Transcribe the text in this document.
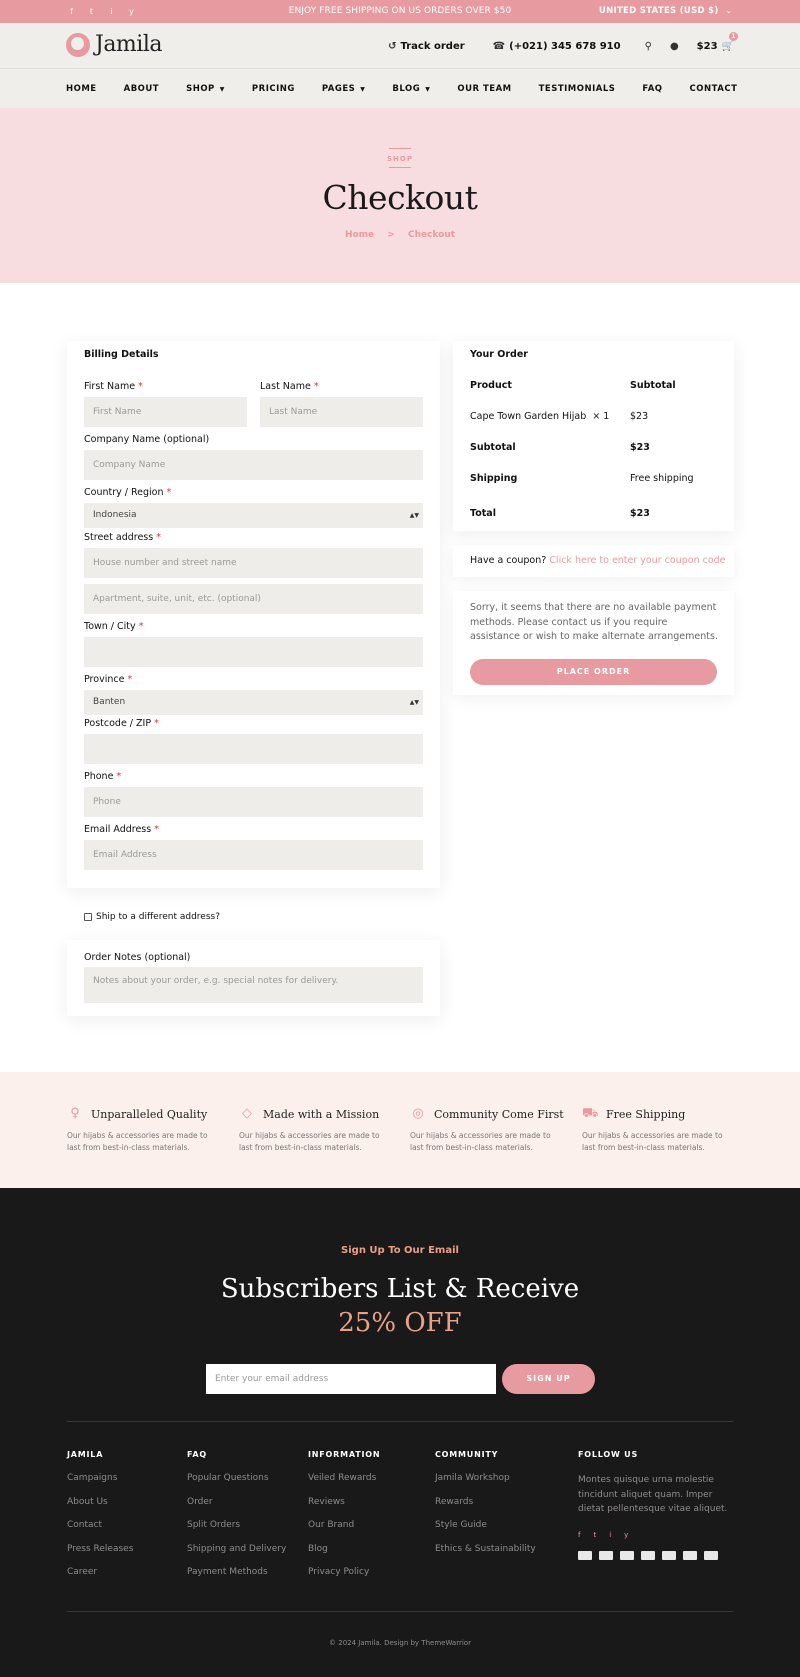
f	t	i	y	ENJOY FREE SHIPPING ON US ORDERS OVER $50	UNITED STATES (USD $) ⌄
Jamila	↺ Track order	☎ (+021) 345 678 910 ⚲ ● $23 🛒
1
HOME	ABOUT	SHOP ▼	PRICING	PAGES ▼	BLOG ▼	OUR TEAM	TESTIMONIALS	FAQ	CONTACT
SHOP
Checkout
Home > Checkout
Billing Details
First Name *
First Name
Last Name *
Last Name
Company Name (optional)
Company Name
Country / Region *
Indonesia	▲▼
Street address *
House number and street name
Apartment, suite, unit, etc. (optional)
Town / City *
Province *
Banten	▲▼
Postcode / ZIP *
Phone *
Phone
Email Address *
Email Address
Ship to a different address?
Order Notes (optional)
Notes about your order, e.g. special notes for delivery.
Your Order
Product	Subtotal
Cape Town Garden Hijab × 1 $23
Subtotal	$23
Shipping	Free shipping
Total	$23
Have a coupon? Click here to enter your coupon code
Sorry, it seems that there are no available payment methods. Please contact us if you require assistance or wish to make alternate arrangements.
PLACE ORDER
♀ Unparalleled Quality

Our hijabs & accessories are made to last from best-in-class materials.

◇ Made with a Mission

Our hijabs & accessories are made to last from best-in-class materials.

◎ Community Come First

Our hijabs & accessories are made to last from best-in-class materials.

⛟ Free Shipping

Our hijabs & accessories are made to last from best-in-class materials.

Sign Up To Our Email
Subscribers List & Receive
25% OFF
Enter your email address	SIGN UP
JAMILA
Campaigns
About Us
Contact
Press Releases
Career
FAQ
Popular Questions
Order
Split Orders
Shipping and Delivery
Payment Methods
INFORMATION
Veiled Rewards
Reviews
Our Brand
Blog
Privacy Policy
COMMUNITY
Jamila Workshop
Rewards
Style Guide
Ethics & Sustainability
FOLLOW US
Montes quisque urna molestie tincidunt aliquet quam. Imper dietat pellentesque vitae aliquet.
f t i y
© 2024 Jamila. Design by ThemeWarrior
